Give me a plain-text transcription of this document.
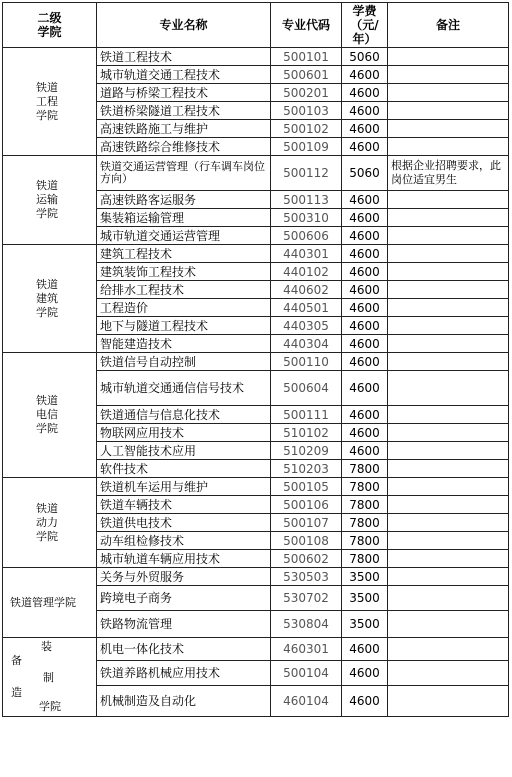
二级学院	专业名称	专业代码	学费（元/年）	备注

铁道工程学院	铁道工程技术	500101	5060	
	城市轨道交通工程技术	500601	4600	
	道路与桥梁工程技术	500201	4600	
	铁道桥梁隧道工程技术	500103	4600	
	高速铁路施工与维护	500102	4600	
	高速铁路综合维修技术	500109	4600	

铁道运输学院	铁道交通运营管理（行车调车岗位方向）	500112	5060	根据企业招聘要求，此岗位适宜男生
	高速铁路客运服务	500113	4600	
	集装箱运输管理	500310	4600	
	城市轨道交通运营管理	500606	4600	

铁道建筑学院	建筑工程技术	440301	4600	
	建筑装饰工程技术	440102	4600	
	给排水工程技术	440602	4600	
	工程造价	440501	4600	
	地下与隧道工程技术	440305	4600	
	智能建造技术	440304	4600	

铁道电信学院	铁道信号自动控制	500110	4600	
	城市轨道交通通信信号技术	500604	4600	
	铁道通信与信息化技术	500111	4600	
	物联网应用技术	510102	4600	
	人工智能技术应用	510209	4600	
	软件技术	510203	7800	

铁道动力学院	铁道机车运用与维护	500105	7800	
	铁道车辆技术	500106	7800	
	铁道供电技术	500107	7800	
	动车组检修技术	500108	7800	
	城市轨道车辆应用技术	500602	7800	

铁道管理学院	关务与外贸服务	530503	3500	
	跨境电子商务	530702	3500	
	铁路物流管理	530804	3500	

装
备
制
造
学院	机电一体化技术	460301	4600	
	铁道养路机械应用技术	500104	4600	
	机械制造及自动化	460104	4600	
